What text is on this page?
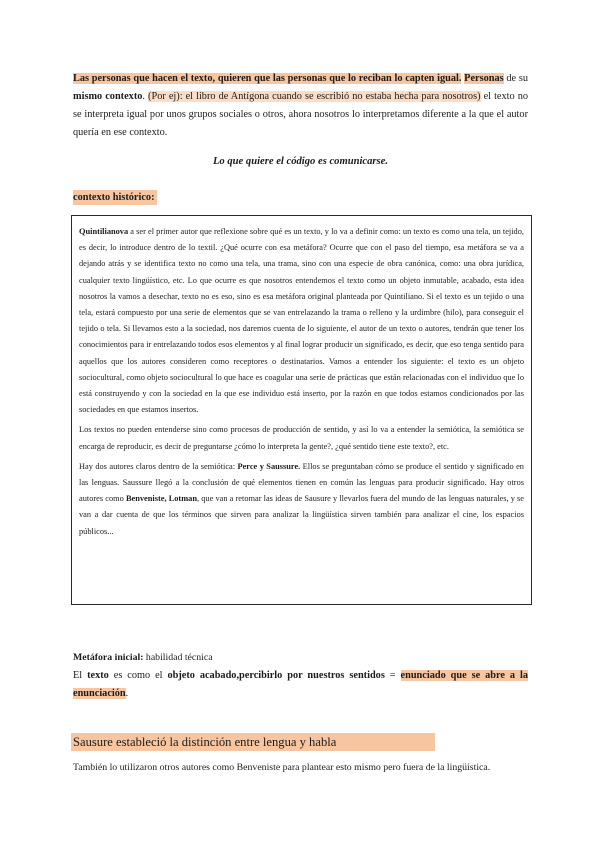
Las personas que hacen el texto, quieren que las personas que lo reciban lo capten igual. Personas de su mismo contexto. (Por ej): el libro de Antígona cuando se escribió no estaba hecha para nosotros) el texto no se interpreta igual por unos grupos sociales o otros, ahora nosotros lo interpretamos diferente a la que el autor quería en ese contexto.
Lo que quiere el código es comunicarse.
contexto histórico:

Quintilianova a ser el primer autor que reflexione sobre qué es un texto, y lo va a definir como: un texto es como una tela, un tejido, es decir, lo introduce dentro de lo textil. ¿Qué ocurre con esa metáfora? Ocurre que con el paso del tiempo, esa metáfora se va a dejando atrás y se identifica texto no como una tela, una trama, sino con una especie de obra canónica, como: una obra jurídica, cualquier texto lingüístico, etc. Lo que ocurre es que nosotros entendemos el texto como un objeto inmutable, acabado, esta idea nosotros la vamos a desechar, texto no es eso, sino es esa metáfora original planteada por Quintiliano. Si el texto es un tejido o una tela, estará compuesto por una serie de elementos que se van entrelazando la trama o relleno y la urdimbre (hilo), para conseguir el tejido o tela. Si llevamos esto a la sociedad, nos daremos cuenta de lo siguiente, el autor de un texto o autores, tendrán que tener los conocimientos para ir entrelazando todos esos elementos y al final lograr producir un significado, es decir, que eso tenga sentido para aquellos que los autores consideren como receptores o destinatarios. Vamos a entender los siguiente: el texto es un objeto sociocultural, como objeto sociocultural lo que hace es coagular una serie de prácticas que están relacionadas con el individuo que lo está construyendo y con la sociedad en la que ese individuo está inserto, por la razón en que todos estamos condicionados por las sociedades en que estamos insertos.

Los textos no pueden entenderse sino como procesos de producción de sentido, y así lo va a entender la semiótica, la semiótica se encarga de reproducir, es decir de preguntarse ¿cómo lo interpreta la gente?, ¿qué sentido tiene este texto?, etc.

Hay dos autores claros dentro de la semiótica: Perce y Saussure. Ellos se preguntaban cómo se produce el sentido y significado en las lenguas. Saussure llegó a la conclusión de qué elementos tienen en común las lenguas para producir significado. Hay otros autores como Benveniste, Lotman, que van a retomar las ideas de Sausure y llevarlos fuera del mundo de las lenguas naturales, y se van a dar cuenta de que los términos que sirven para analizar la lingüística sirven también para analizar el cine, los espacios públicos...

Metáfora inicial: habilidad técnica
El texto es como el objeto acabado,percibirlo por nuestros sentidos = enunciado que se abre a la enunciación.
Sausure estableció la distinción entre lengua y habla
También lo utilizaron otros autores como Benveniste para plantear esto mismo pero fuera de la lingüística.
